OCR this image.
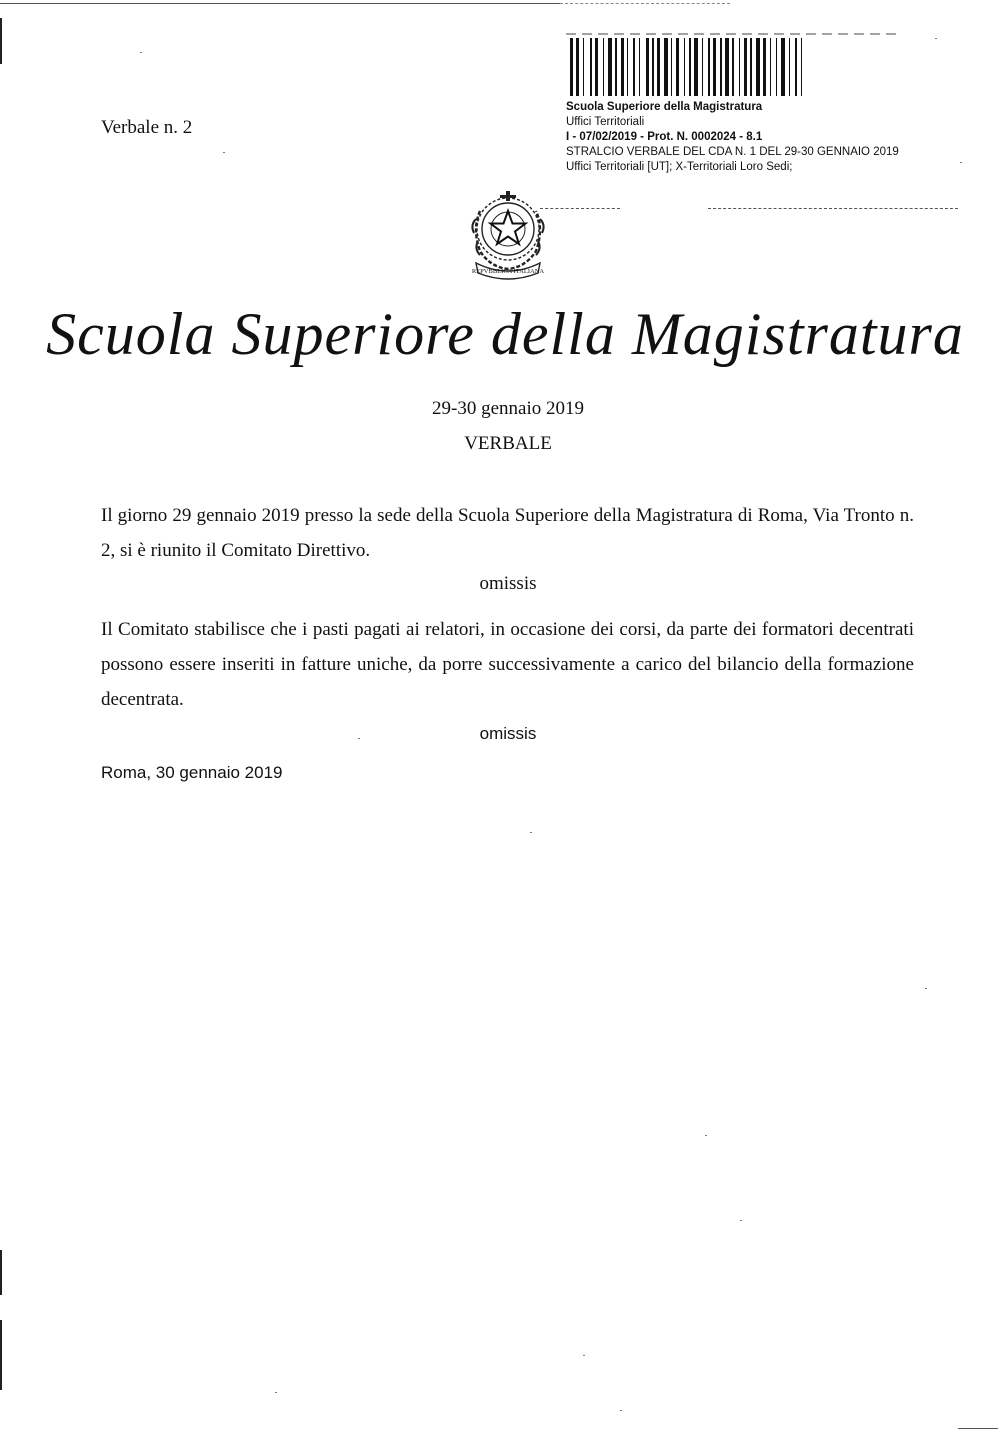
Verbale n. 2
Scuola Superiore della Magistratura
Uffici Territoriali
I - 07/02/2019 - Prot. N. 0002024 - 8.1
STRALCIO VERBALE DEL CDA N. 1 DEL 29-30 GENNAIO 2019
Uffici Territoriali [UT]; X-Territoriali Loro Sedi;
REPVBBLICA ITALIANA
Scuola Superiore della Magistratura
29-30 gennaio 2019
VERBALE

Il giorno 29 gennaio 2019 presso la sede della Scuola Superiore della Magistratura di Roma, Via Tronto n. 2, si è riunito il Comitato Direttivo.

omissis

Il Comitato stabilisce che i pasti pagati ai relatori, in occasione dei corsi, da parte dei formatori decentrati possono essere inseriti in fatture uniche, da porre successivamente a carico del bilancio della formazione decentrata.

omissis
Roma, 30 gennaio 2019
